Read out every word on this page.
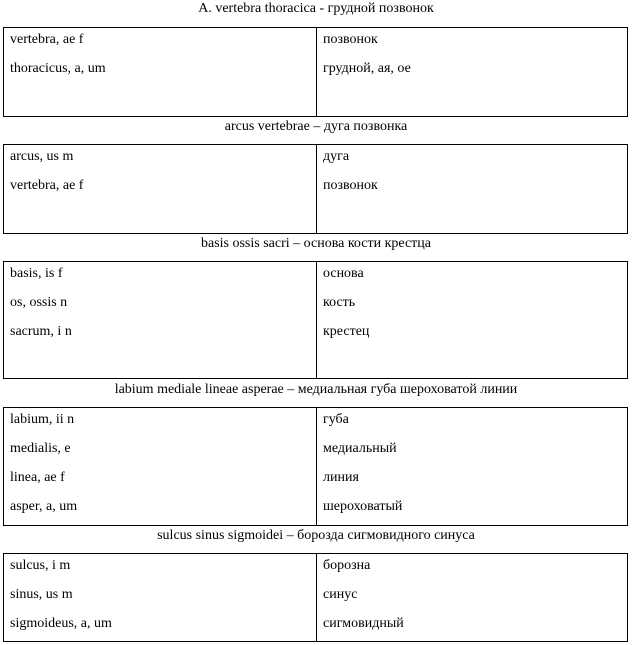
A. vertebra thoracica - грудной позвонок
vertebra, ae f
thoracicus, a, um
позвонок
грудной, ая, ое
arcus vertebrae – дуга позвонка
arcus, us m
vertebra, ae f
дуга
позвонок
basis ossis sacri – основа кости крестца
basis, is f
os, ossis n
sacrum, i n
основа
кость
крестец
labium mediale lineae asperae – медиальная губа шероховатой линии
labium, ii n
medialis, e
linea, ae f
asper, a, um
губа
медиальный
линия
шероховатый
sulcus sinus sigmoidei – борозда сигмовидного синуса
sulcus, i m
sinus, us m
sigmoideus, a, um
борозна
синус
сигмовидный
